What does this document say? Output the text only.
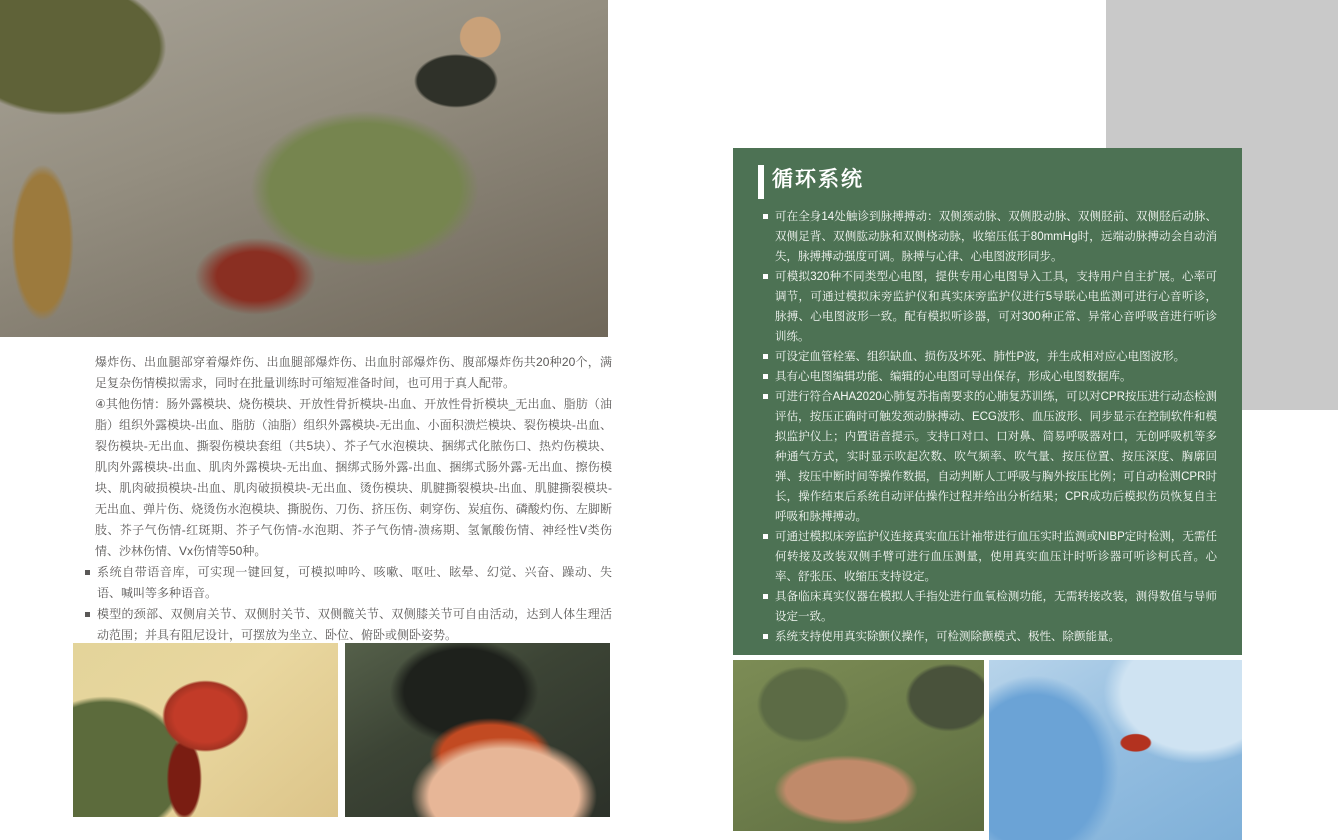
爆炸伤、出血腿部穿着爆炸伤、出血腿部爆炸伤、出血肘部爆炸伤、腹部爆炸伤共20种20个，满足复杂伤情模拟需求，同时在批量训练时可缩短准备时间，也可用于真人配带。

④其他伤情：肠外露模块、烧伤模块、开放性骨折模块-出血、开放性骨折模块_无出血、脂肪（油脂）组织外露模块-出血、脂肪（油脂）组织外露模块-无出血、小面积溃烂模块、裂伤模块-出血、裂伤模块-无出血、撕裂伤模块套组（共5块）、芥子气水泡模块、捆绑式化脓伤口、热灼伤模块、肌肉外露模块-出血、肌肉外露模块-无出血、捆绑式肠外露-出血、捆绑式肠外露-无出血、擦伤模块、肌肉破损模块-出血、肌肉破损模块-无出血、烫伤模块、肌腱撕裂模块-出血、肌腱撕裂模块-无出血、弹片伤、烧烫伤水泡模块、撕脱伤、刀伤、挤压伤、刺穿伤、炭疽伤、磷酸灼伤、左脚断肢、芥子气伤情-红斑期、芥子气伤情-水泡期、芥子气伤情-溃疡期、氢氰酸伤情、神经性V类伤情、沙林伤情、Vx伤情等50种。

系统自带语音库，可实现一键回复，可模拟呻吟、咳嗽、呕吐、眩晕、幻觉、兴奋、躁动、失语、喊叫等多种语音。
模型的颈部、双侧肩关节、双侧肘关节、双侧髋关节、双侧膝关节可自由活动，达到人体生理活动范围；并具有阻尼设计，可摆放为坐立、卧位、俯卧或侧卧姿势。
循环系统
可在全身14处触诊到脉搏搏动：双侧颈动脉、双侧股动脉、双侧胫前、双侧胫后动脉、双侧足背、双侧肱动脉和双侧桡动脉，收缩压低于80mmHg时，远端动脉搏动会自动消失，脉搏搏动强度可调。脉搏与心律、心电图波形同步。
可模拟320种不同类型心电图，提供专用心电图导入工具，支持用户自主扩展。心率可调节，可通过模拟床旁监护仪和真实床旁监护仪进行5导联心电监测可进行心音听诊，脉搏、心电图波形一致。配有模拟听诊器，可对300种正常、异常心音呼吸音进行听诊训练。
可设定血管栓塞、组织缺血、损伤及坏死、肺性P波，并生成相对应心电图波形。
具有心电图编辑功能、编辑的心电图可导出保存，形成心电图数据库。
可进行符合AHA2020心肺复苏指南要求的心肺复苏训练，可以对CPR按压进行动态检测评估，按压正确时可触发颈动脉搏动、ECG波形、血压波形、同步显示在控制软件和模拟监护仪上；内置语音提示。支持口对口、口对鼻、简易呼吸器对口，无创呼吸机等多种通气方式，实时显示吹起次数、吹气频率、吹气量、按压位置、按压深度、胸廓回弹、按压中断时间等操作数据，自动判断人工呼吸与胸外按压比例；可自动检测CPR时长，操作结束后系统自动评估操作过程并给出分析结果；CPR成功后模拟伤员恢复自主呼吸和脉搏搏动。
可通过模拟床旁监护仪连接真实血压计袖带进行血压实时监测或NIBP定时检测，无需任何转接及改装双侧手臂可进行血压测量，使用真实血压计时听诊器可听诊柯氏音。心率、舒张压、收缩压支持设定。
具备临床真实仪器在模拟人手指处进行血氧检测功能，无需转接改装，测得数值与导师设定一致。
系统支持使用真实除颤仪操作，可检测除颤模式、极性、除颤能量。
